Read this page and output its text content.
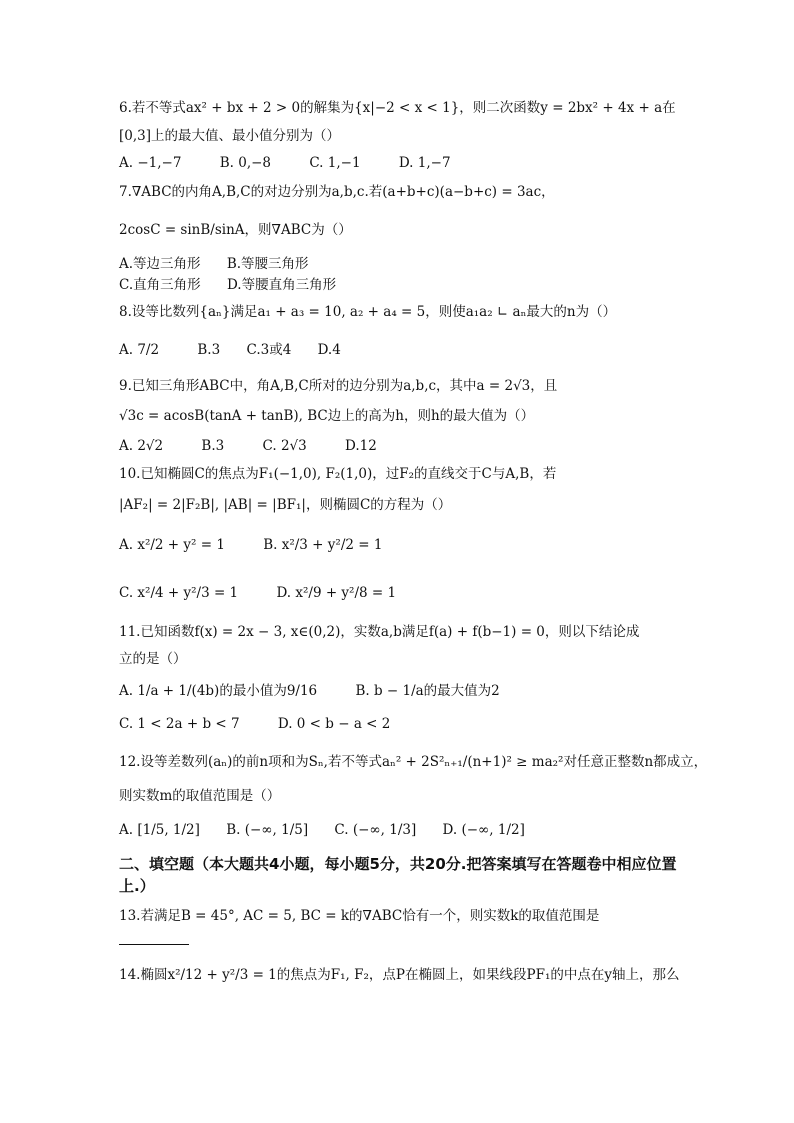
6.若不等式ax² + bx + 2 > 0的解集为{x|−2 < x < 1}，则二次函数y = 2bx² + 4x + a在
[0,3]上的最大值、最小值分别为（）
A. −1,−7	B. 0,−8	C. 1,−1	D. 1,−7
7.∇ABC的内角A,B,C的对边分别为a,b,c.若(a+b+c)(a−b+c) = 3ac，
2cosC = sinB/sinA，则∇ABC为（）
A.等边三角形 B.等腰三角形
C.直角三角形 D.等腰直角三角形
8.设等比数列{aₙ}满足a₁ + a₃ = 10, a₂ + a₄ = 5，则使a₁a₂ ∟ aₙ最大的n为（）
A. 7/2	B.3 C.3或4 D.4
9.已知三角形ABC中，角A,B,C所对的边分别为a,b,c，其中a = 2√3，且
√3c = acosB(tanA + tanB), BC边上的高为h，则h的最大值为（）
A. 2√2	B.3	C. 2√3	D.12
10.已知椭圆C的焦点为F₁(−1,0), F₂(1,0)，过F₂的直线交于C与A,B，若
|AF₂| = 2|F₂B|, |AB| = |BF₁|，则椭圆C的方程为（）
A. x²/2 + y² = 1	B. x²/3 + y²/2 = 1
C. x²/4 + y²/3 = 1	D. x²/9 + y²/8 = 1
11.已知函数f(x) = 2x − 3, x∈(0,2)，实数a,b满足f(a) + f(b−1) = 0，则以下结论成
立的是（）
A. 1/a + 1/(4b)的最小值为9/16	B. b − 1/a的最大值为2
C. 1 < 2a + b < 7	D. 0 < b − a < 2
12.设等差数列(aₙ)的前n项和为Sₙ,若不等式aₙ² + 2S²ₙ₊₁/(n+1)² ≥ ma₂²对任意正整数n都成立，
则实数m的取值范围是（）
A. [1/5, 1/2] B. (−∞, 1/5] C. (−∞, 1/3] D. (−∞, 1/2]
二、填空题（本大题共4小题，每小题5分，共20分.把答案填写在答题卷中相应位置上.）
13.若满足B = 45°, AC = 5, BC = k的∇ABC恰有一个，则实数k的取值范围是
14.椭圆x²/12 + y²/3 = 1的焦点为F₁, F₂，点P在椭圆上，如果线段PF₁的中点在y轴上，那么
